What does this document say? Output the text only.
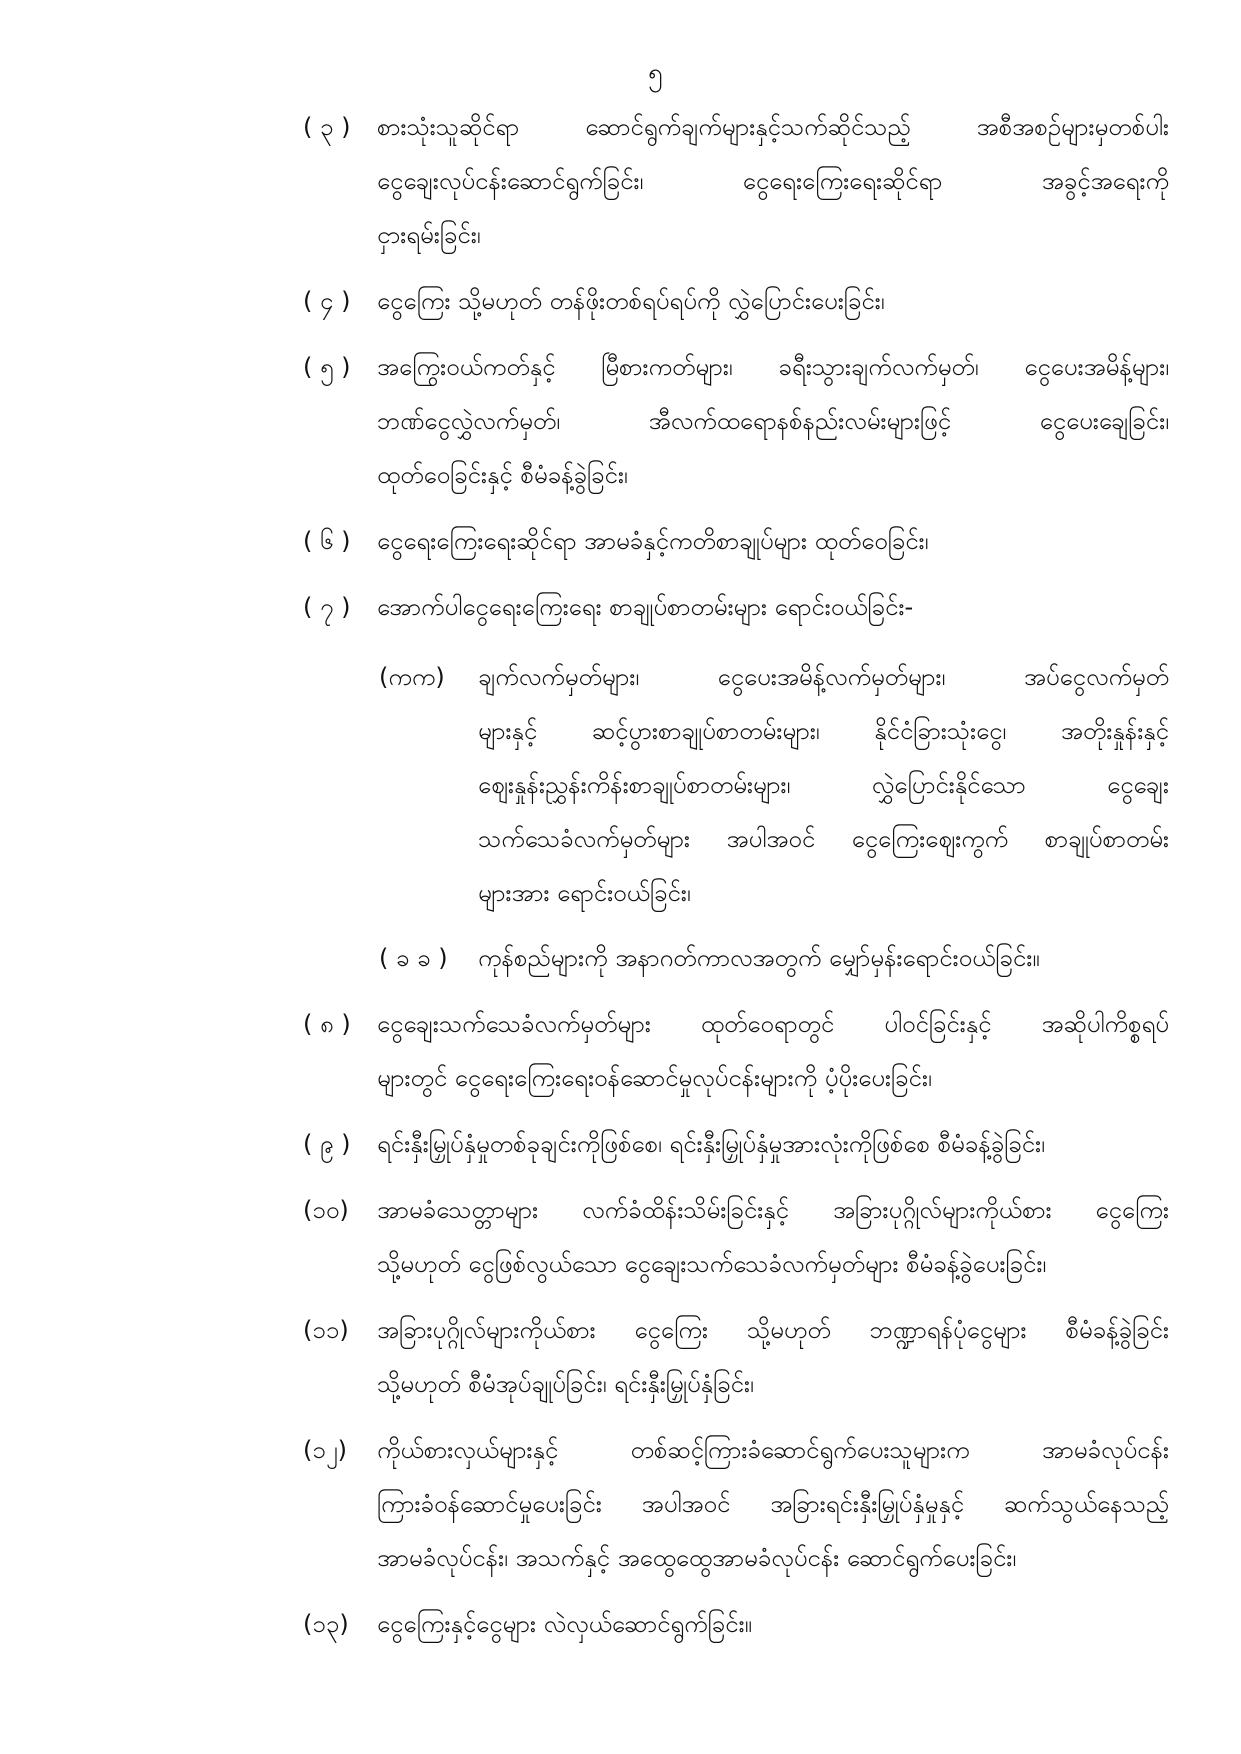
၅
( ၃ )	စားသုံးသူဆိုင်ရာ ဆောင်ရွက်ချက်များနှင့်သက်ဆိုင်သည့် အစီအစဉ်များမှတစ်ပါး
ငွေချေးလုပ်ငန်းဆောင်ရွက်ခြင်း၊ ငွေရေးကြေးရေးဆိုင်ရာ အခွင့်အရေးကို
ငှားရမ်းခြင်း၊
( ၄ )	ငွေကြေး သို့မဟုတ် တန်ဖိုးတစ်ရပ်ရပ်ကို လွှဲပြောင်းပေးခြင်း၊
( ၅ )	အကြွေးဝယ်ကတ်နှင့် မြီစားကတ်များ၊ ခရီးသွားချက်လက်မှတ်၊ ငွေပေးအမိန့်များ၊
ဘဏ်ငွေလွှဲလက်မှတ်၊ အီလက်ထရောနစ်နည်းလမ်းများဖြင့် ငွေပေးချေခြင်း၊
ထုတ်ဝေခြင်းနှင့် စီမံခန့်ခွဲခြင်း၊
( ၆ )	ငွေရေးကြေးရေးဆိုင်ရာ အာမခံနှင့်ကတိစာချုပ်များ ထုတ်ဝေခြင်း၊
( ၇ )	အောက်ပါငွေရေးကြေးရေး စာချုပ်စာတမ်းများ ရောင်းဝယ်ခြင်း-
(ကက)	ချက်လက်မှတ်များ၊ ငွေပေးအမိန့်လက်မှတ်များ၊ အပ်ငွေလက်မှတ်
များနှင့် ဆင့်ပွားစာချုပ်စာတမ်းများ၊ နိုင်ငံခြားသုံးငွေ၊ အတိုးနှုန်းနှင့်
ဈေးနှုန်းညွှန်းကိန်းစာချုပ်စာတမ်းများ၊ လွှဲပြောင်းနိုင်သော ငွေချေး
သက်သေခံလက်မှတ်များ အပါအဝင် ငွေကြေးဈေးကွက် စာချုပ်စာတမ်း
များအား ရောင်းဝယ်ခြင်း၊
( ခ ခ )	ကုန်စည်များကို အနာဂတ်ကာလအတွက် မျှော်မှန်းရောင်းဝယ်ခြင်း။
( ၈ )	ငွေချေးသက်သေခံလက်မှတ်များ ထုတ်ဝေရာတွင် ပါဝင်ခြင်းနှင့် အဆိုပါကိစ္စရပ်
များတွင် ငွေရေးကြေးရေးဝန်ဆောင်မှုလုပ်ငန်းများကို ပံ့ပိုးပေးခြင်း၊
( ၉ )	ရင်းနှီးမြှုပ်နှံမှုတစ်ခုချင်းကိုဖြစ်စေ၊ ရင်းနှီးမြှုပ်နှံမှုအားလုံးကိုဖြစ်စေ စီမံခန့်ခွဲခြင်း၊
(၁၀)	အာမခံသေတ္တာများ လက်ခံထိန်းသိမ်းခြင်းနှင့် အခြားပုဂ္ဂိုလ်များကိုယ်စား ငွေကြေး
သို့မဟုတ် ငွေဖြစ်လွယ်သော ငွေချေးသက်သေခံလက်မှတ်များ စီမံခန့်ခွဲပေးခြင်း၊
(၁၁)	အခြားပုဂ္ဂိုလ်များကိုယ်စား ငွေကြေး သို့မဟုတ် ဘဏ္ဍာရန်ပုံငွေများ စီမံခန့်ခွဲခြင်း
သို့မဟုတ် စီမံအုပ်ချုပ်ခြင်း၊ ရင်းနှီးမြှုပ်နှံခြင်း၊
(၁၂)	ကိုယ်စားလှယ်များနှင့် တစ်ဆင့်ကြားခံဆောင်ရွက်ပေးသူများက အာမခံလုပ်ငန်း
ကြားခံဝန်ဆောင်မှုပေးခြင်း အပါအဝင် အခြားရင်းနှီးမြှုပ်နှံမှုနှင့် ဆက်သွယ်နေသည့်
အာမခံလုပ်ငန်း၊ အသက်နှင့် အထွေထွေအာမခံလုပ်ငန်း ဆောင်ရွက်ပေးခြင်း၊
(၁၃)	ငွေကြေးနှင့်ငွေများ လဲလှယ်ဆောင်ရွက်ခြင်း။
